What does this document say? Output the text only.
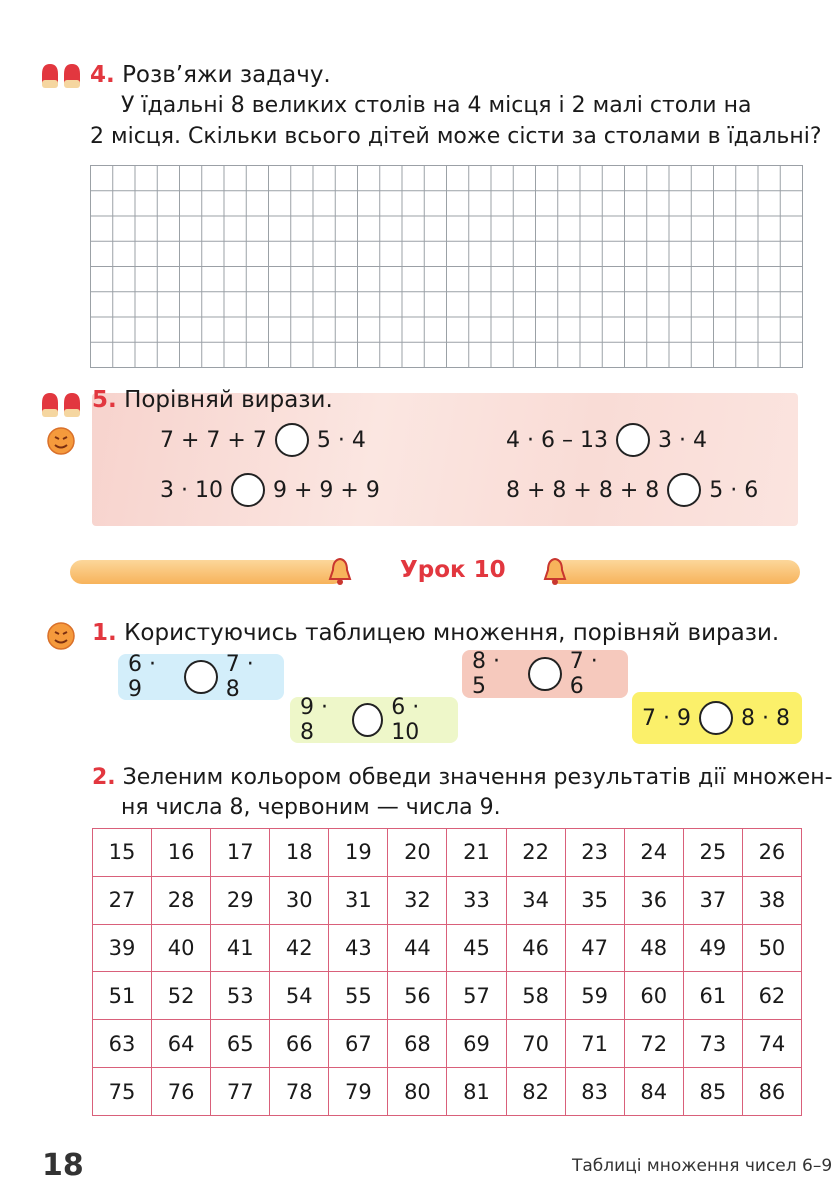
4. Розв’яжи задачу.
У їдальні 8 великих столів на 4 місця і 2 малі столи на
2 місця. Скільки всього дітей може сісти за столами в їдальні?
5. Порівняй вирази.
7 + 7 + 7 5 · 4	4 · 6 – 13 3 · 4
3 · 10 9 + 9 + 9	8 + 8 + 8 + 8 5 · 6
Урок 10
1. Користуючись таблицею множення, порівняй вирази.
6 · 9
7 · 8
8 · 5
7 · 6
9 · 8
6 · 10
7 · 9 8 · 8
2. Зеленим кольором обведи значення результатів дії множен-
ня числа 8, червоним — числа 9.
15	16	17	18	19	20	21	22	23	24	25	26
27	28	29	30	31	32	33	34	35	36	37	38
39	40	41	42	43	44	45	46	47	48	49	50
51	52	53	54	55	56	57	58	59	60	61	62
63	64	65	66	67	68	69	70	71	72	73	74
75	76	77	78	79	80	81	82	83	84	85	86
18	Таблиці множення чисел 6–9
